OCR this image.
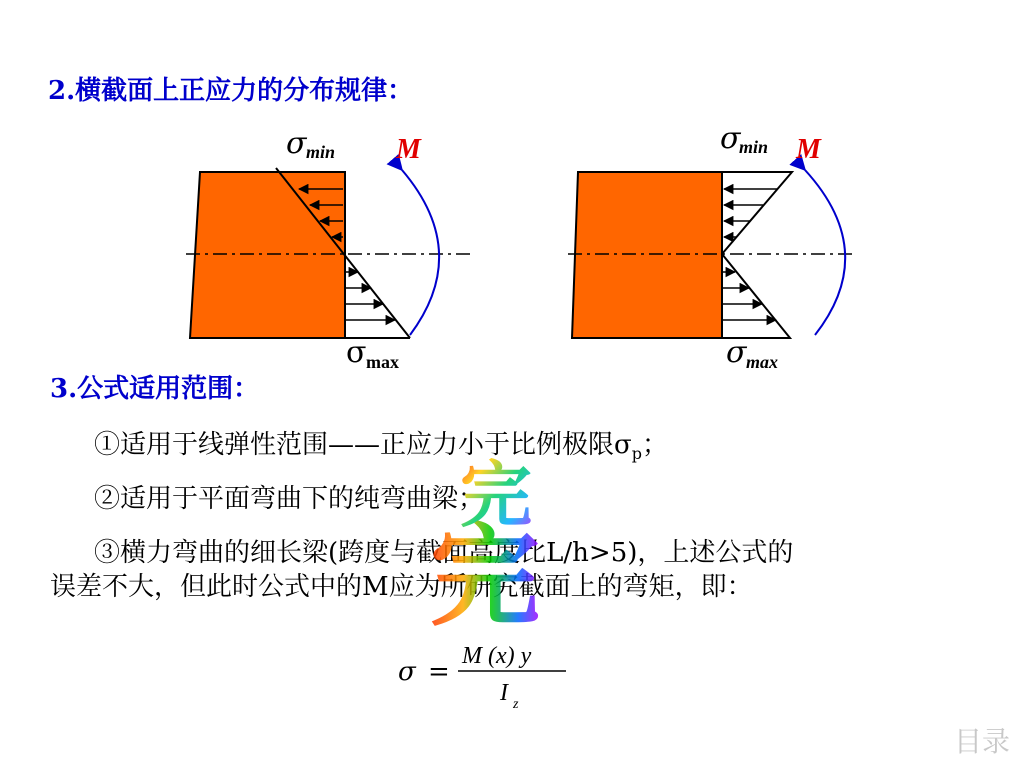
2.横截面上正应力的分布规律：
3.公式适用范围：
σ min M
σ max
σ
min M
σ max
σ =
M (x) y
I z
①适用于线弹性范围——正应力小于比例极限$\sigma_p$；
②适用于平面弯曲下的纯弯曲梁；
③横力弯曲的细长梁(跨度与截面高度比L/h>5)，上述公式的
误差不大，但此时公式中的M应为所研究截面上的弯矩，即：
完
完
目录
